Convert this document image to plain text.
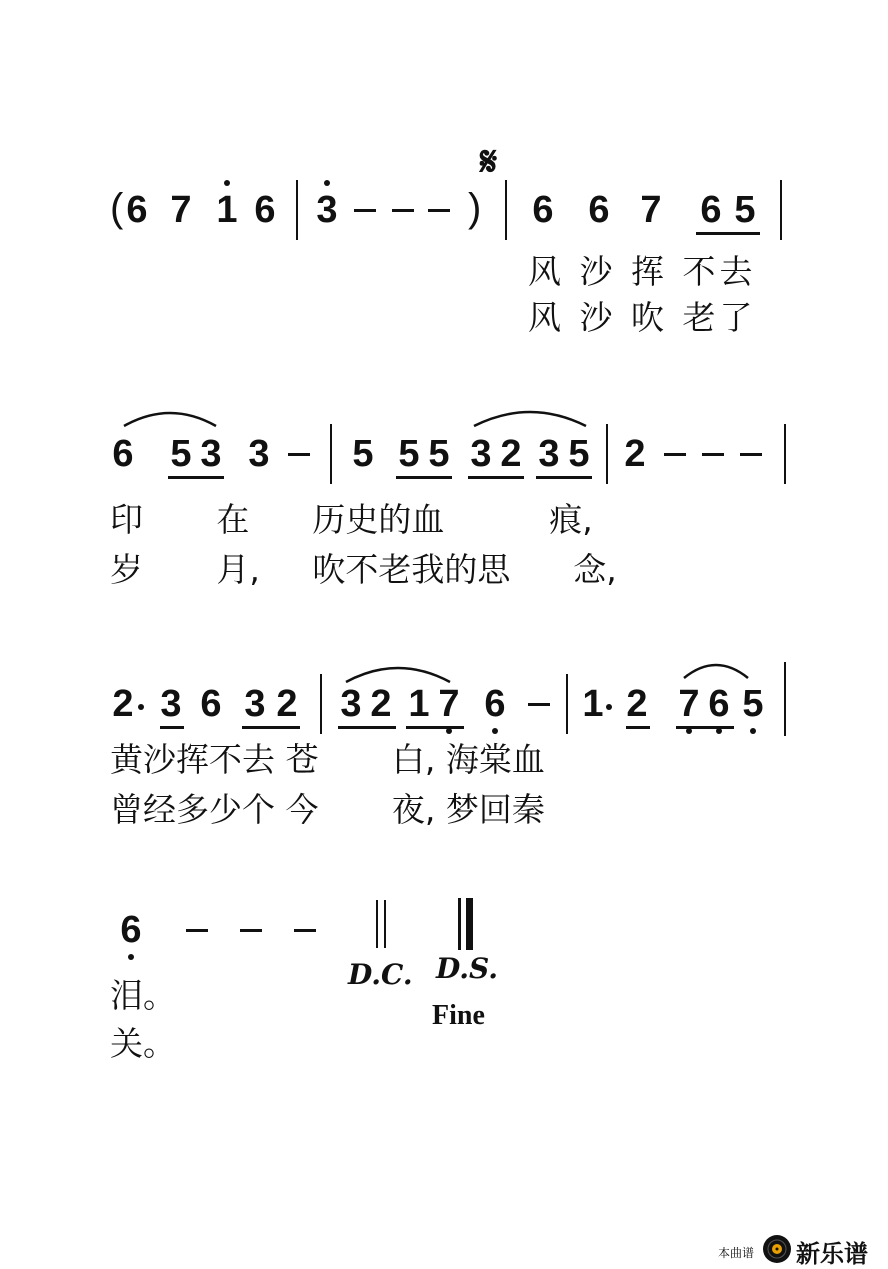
𝄋
( 6 7 1 6 3	) 6 6 7 6 5
风 沙 挥 不去
风 沙 吹 老了
6 5 3 3 5 5 5 3 2 3 5 2
印       在      历史的血          痕,
岁       月,     吹不老我的思      念,
2 3 6 3 2 3 2 1 7 6 1 2 7 6 5
黄沙挥不去 苍       白, 海棠血
曾经多少个 今       夜, 梦回秦
6
D.C. D.S.
Fine
泪。
关。
本曲谱 新乐谱
